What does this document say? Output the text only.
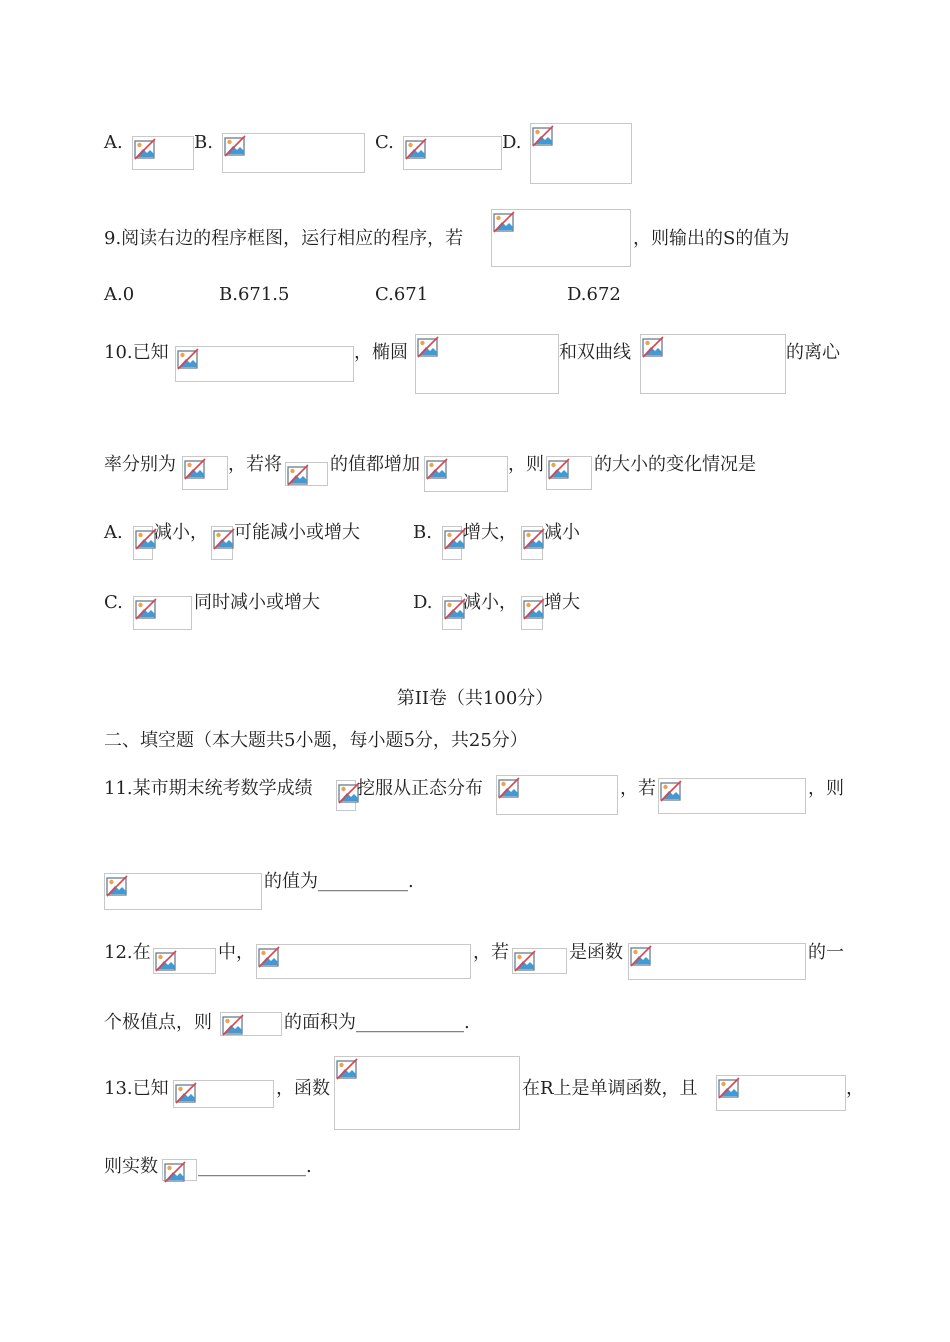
A.	B.	C.	D.
9.阅读右边的程序框图，运行相应的程序，若	，则输出的S的值为
A.0	B.671.5	C.671	D.672
10.已知	，椭圆	和双曲线	的离心
率分别为	，若将	的值都增加	，则	的大小的变化情况是
A. 减小， 可能减小或增大	B. 增大， 减小
C.	同时减小或增大	D. 减小， 增大
第II卷（共100分）
二、填空题（本大题共5小题，每小题5分，共25分）
11.某市期末统考数学成绩 挖服从正态分布	，若	，则
的值为__________.
12.在	中，	，若	是函数	的一
个极值点，则	的面积为____________.
13.已知	，函数	在R上是单调函数，且	，
则实数 ____________.
